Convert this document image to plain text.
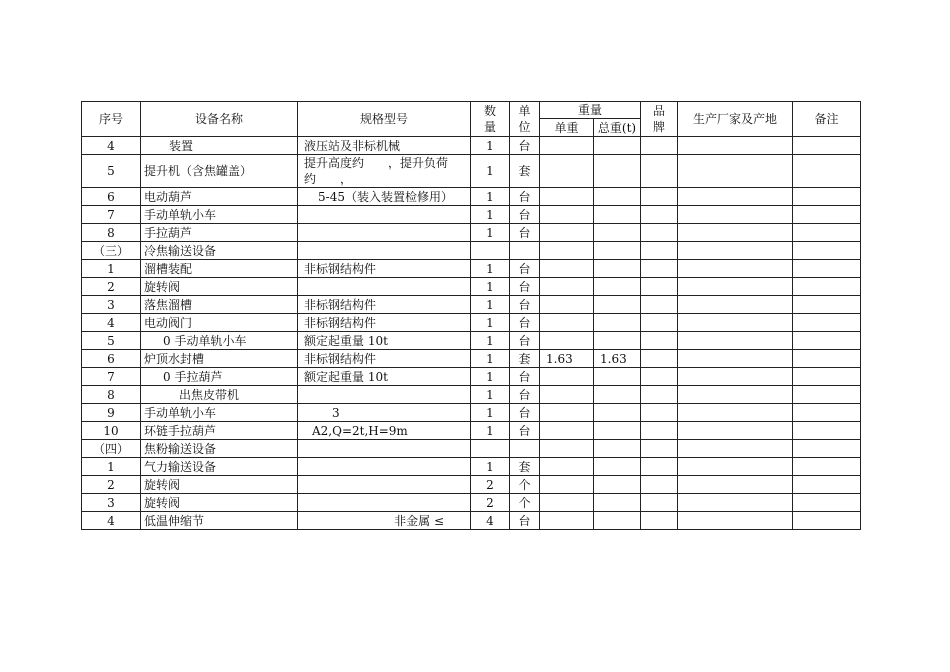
序号	设备名称	规格型号	数量	单位	重量		品牌	生产厂家及产地	备注
					单重	总重(t)			
4	装置	液压站及非标机械	1	台					
5	提升机（含焦罐盖）	提升高度约　　，提升负荷约　　，	1	套					
6	电动葫芦	5-45（装入装置检修用）	1	台					
7	手动单轨小车		1	台					
8	手拉葫芦		1	台					
（三）	冷焦输送设备								
1	溜槽装配	非标钢结构件	1	台					
2	旋转阀		1	台					
3	落焦溜槽	非标钢结构件	1	台					
4	电动阀门	非标钢结构件	1	台					
5	0 手动单轨小车	额定起重量 10t	1	台					
6	炉顶水封槽	非标钢结构件	1	套	1.63	1.63			
7	0 手拉葫芦	额定起重量 10t	1	台					
8	出焦皮带机		1	台					
9	手动单轨小车	3	1	台					
10	环链手拉葫芦	A2,Q=2t,H=9m	1	台					
（四）	焦粉输送设备								
1	气力输送设备		1	套					
2	旋转阀		2	个					
3	旋转阀		2	个					
4	低温伸缩节	非金属 ≤	4	台					
